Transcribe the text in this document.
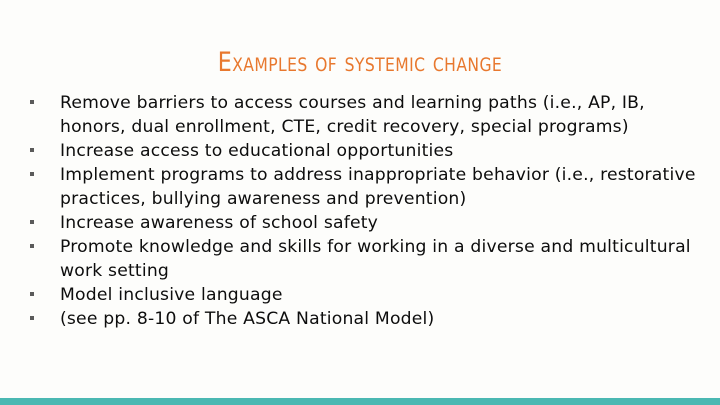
Examples of systemic change
Remove barriers to access courses and learning paths (i.e., AP, IB, honors, dual enrollment, CTE, credit recovery, special programs)
Increase access to educational opportunities
Implement programs to address inappropriate behavior (i.e., restorative practices, bullying awareness and prevention)
Increase awareness of school safety
Promote knowledge and skills for working in a diverse and multicultural work setting
Model inclusive language
(see pp. 8-10 of The ASCA National Model)
